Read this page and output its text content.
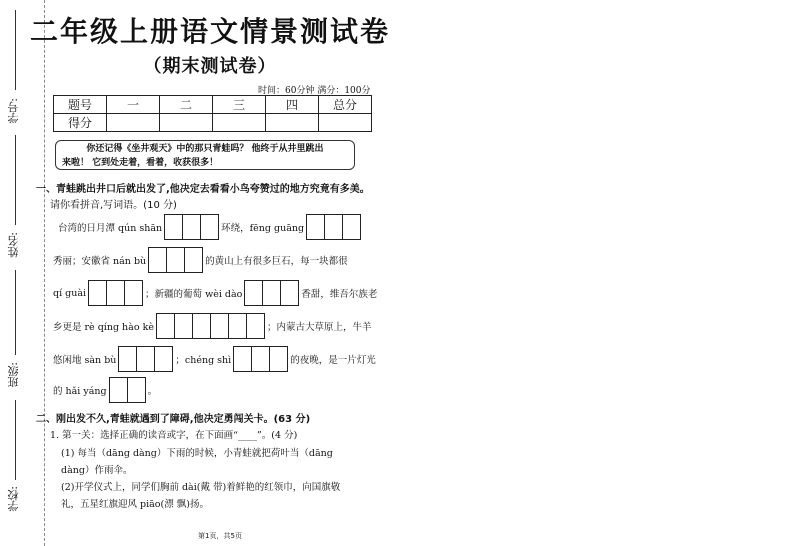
学号:
姓名:
班级:
学校:
二年级上册语文情景测试卷
（期末测试卷）
时间：60分钟 满分：100分
题号	一	二	三	四	总分
得分					
你还记得《坐井观天》中的那只青蛙吗？ 他终于从井里跳出
来啦！ 它到处走着，看着，收获很多！
一、青蛙跳出井口后就出发了,他决定去看看小鸟夸赞过的地方究竟有多美。
请你看拼音,写词语。(10 分)
台湾的日月潭 qún shān	环绕，fēng guāng
秀丽；安徽省 nán bù	的黄山上有很多巨石，每一块都很
qí guài	；新疆的葡萄 wèi dào	香甜，维吾尔族老
乡更是 rè qíng hào kè	；内蒙古大草原上，牛羊
悠闲地 sàn bù	；chéng shì	的夜晚，是一片灯光
的 hǎi yáng	。
二、刚出发不久,青蛙就遇到了障碍,他决定勇闯关卡。(63 分)
1. 第一关：选择正确的读音或字，在下面画“____”。(4 分)
(1) 每当（dāng dàng）下雨的时候，小青蛙就把荷叶当（dāng
dàng）作雨伞。
(2)开学仪式上，同学们胸前 dài(戴 带)着鲜艳的红领巾，向国旗敬
礼，五星红旗迎风 piāo(漂 飘)扬。
第1页，共5页
